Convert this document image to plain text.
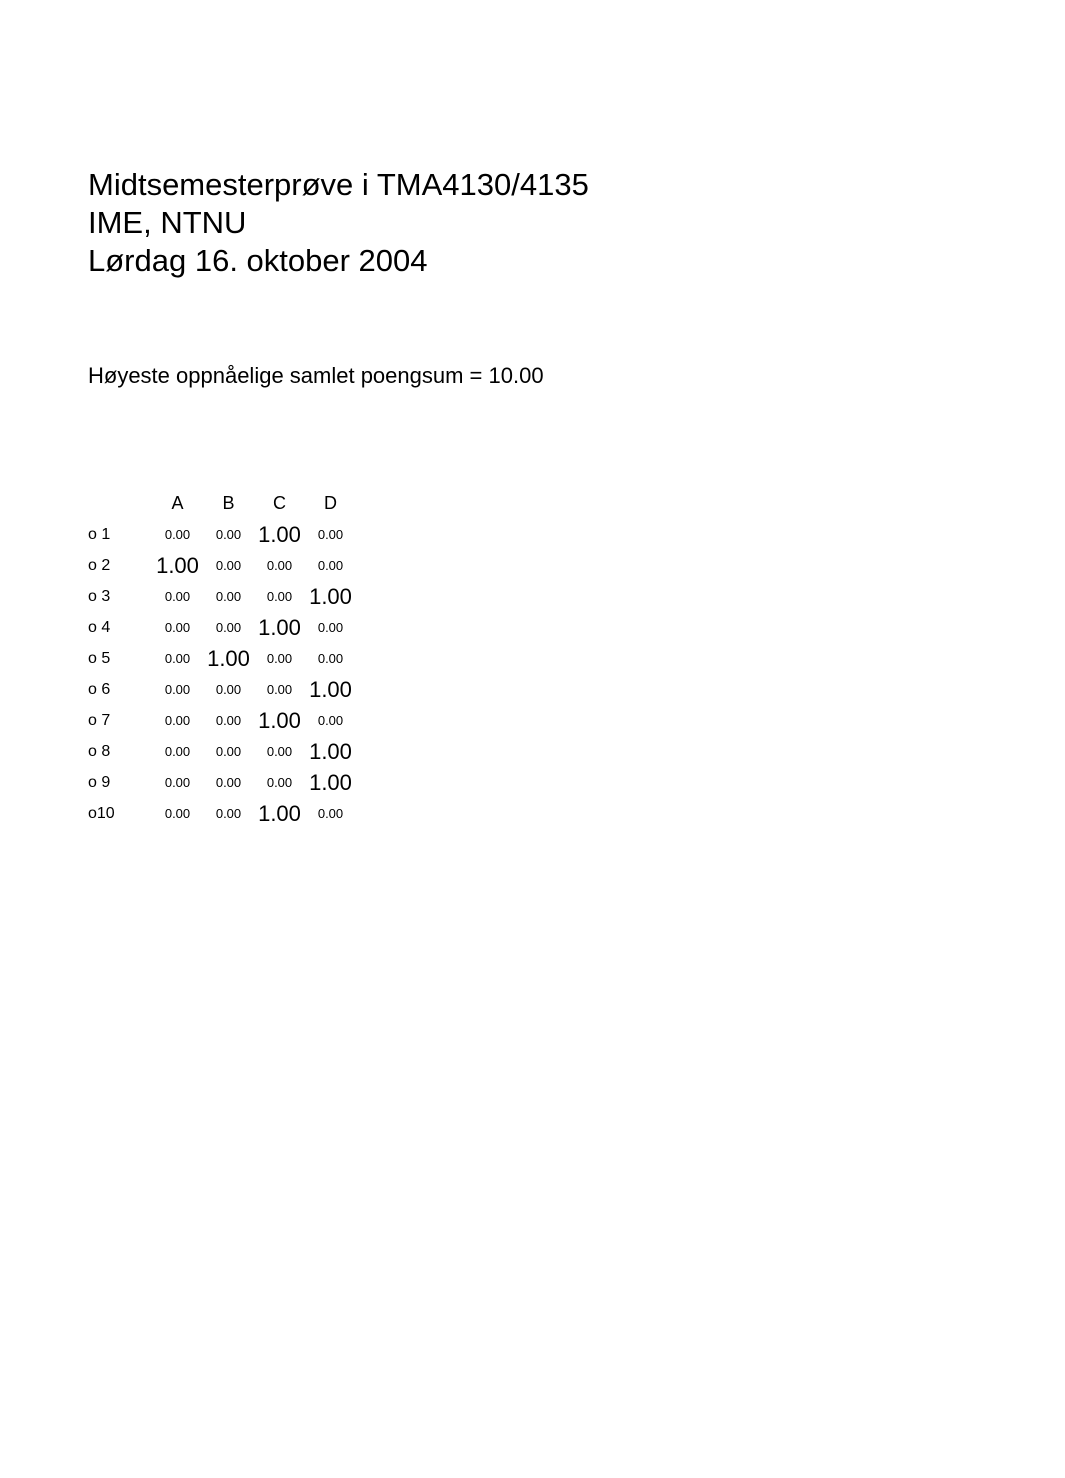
Midtsemesterprøve i TMA4130/4135
IME, NTNU
Lørdag 16. oktober 2004

Høyeste oppnåelige samlet poengsum = 10.00

	A	B	C	D
o 1	0.00	0.00	1.00	0.00
o 2	1.00	0.00	0.00	0.00
o 3	0.00	0.00	0.00	1.00
o 4	0.00	0.00	1.00	0.00
o 5	0.00	1.00	0.00	0.00
o 6	0.00	0.00	0.00	1.00
o 7	0.00	0.00	1.00	0.00
o 8	0.00	0.00	0.00	1.00
o 9	0.00	0.00	0.00	1.00
o10	0.00	0.00	1.00	0.00
